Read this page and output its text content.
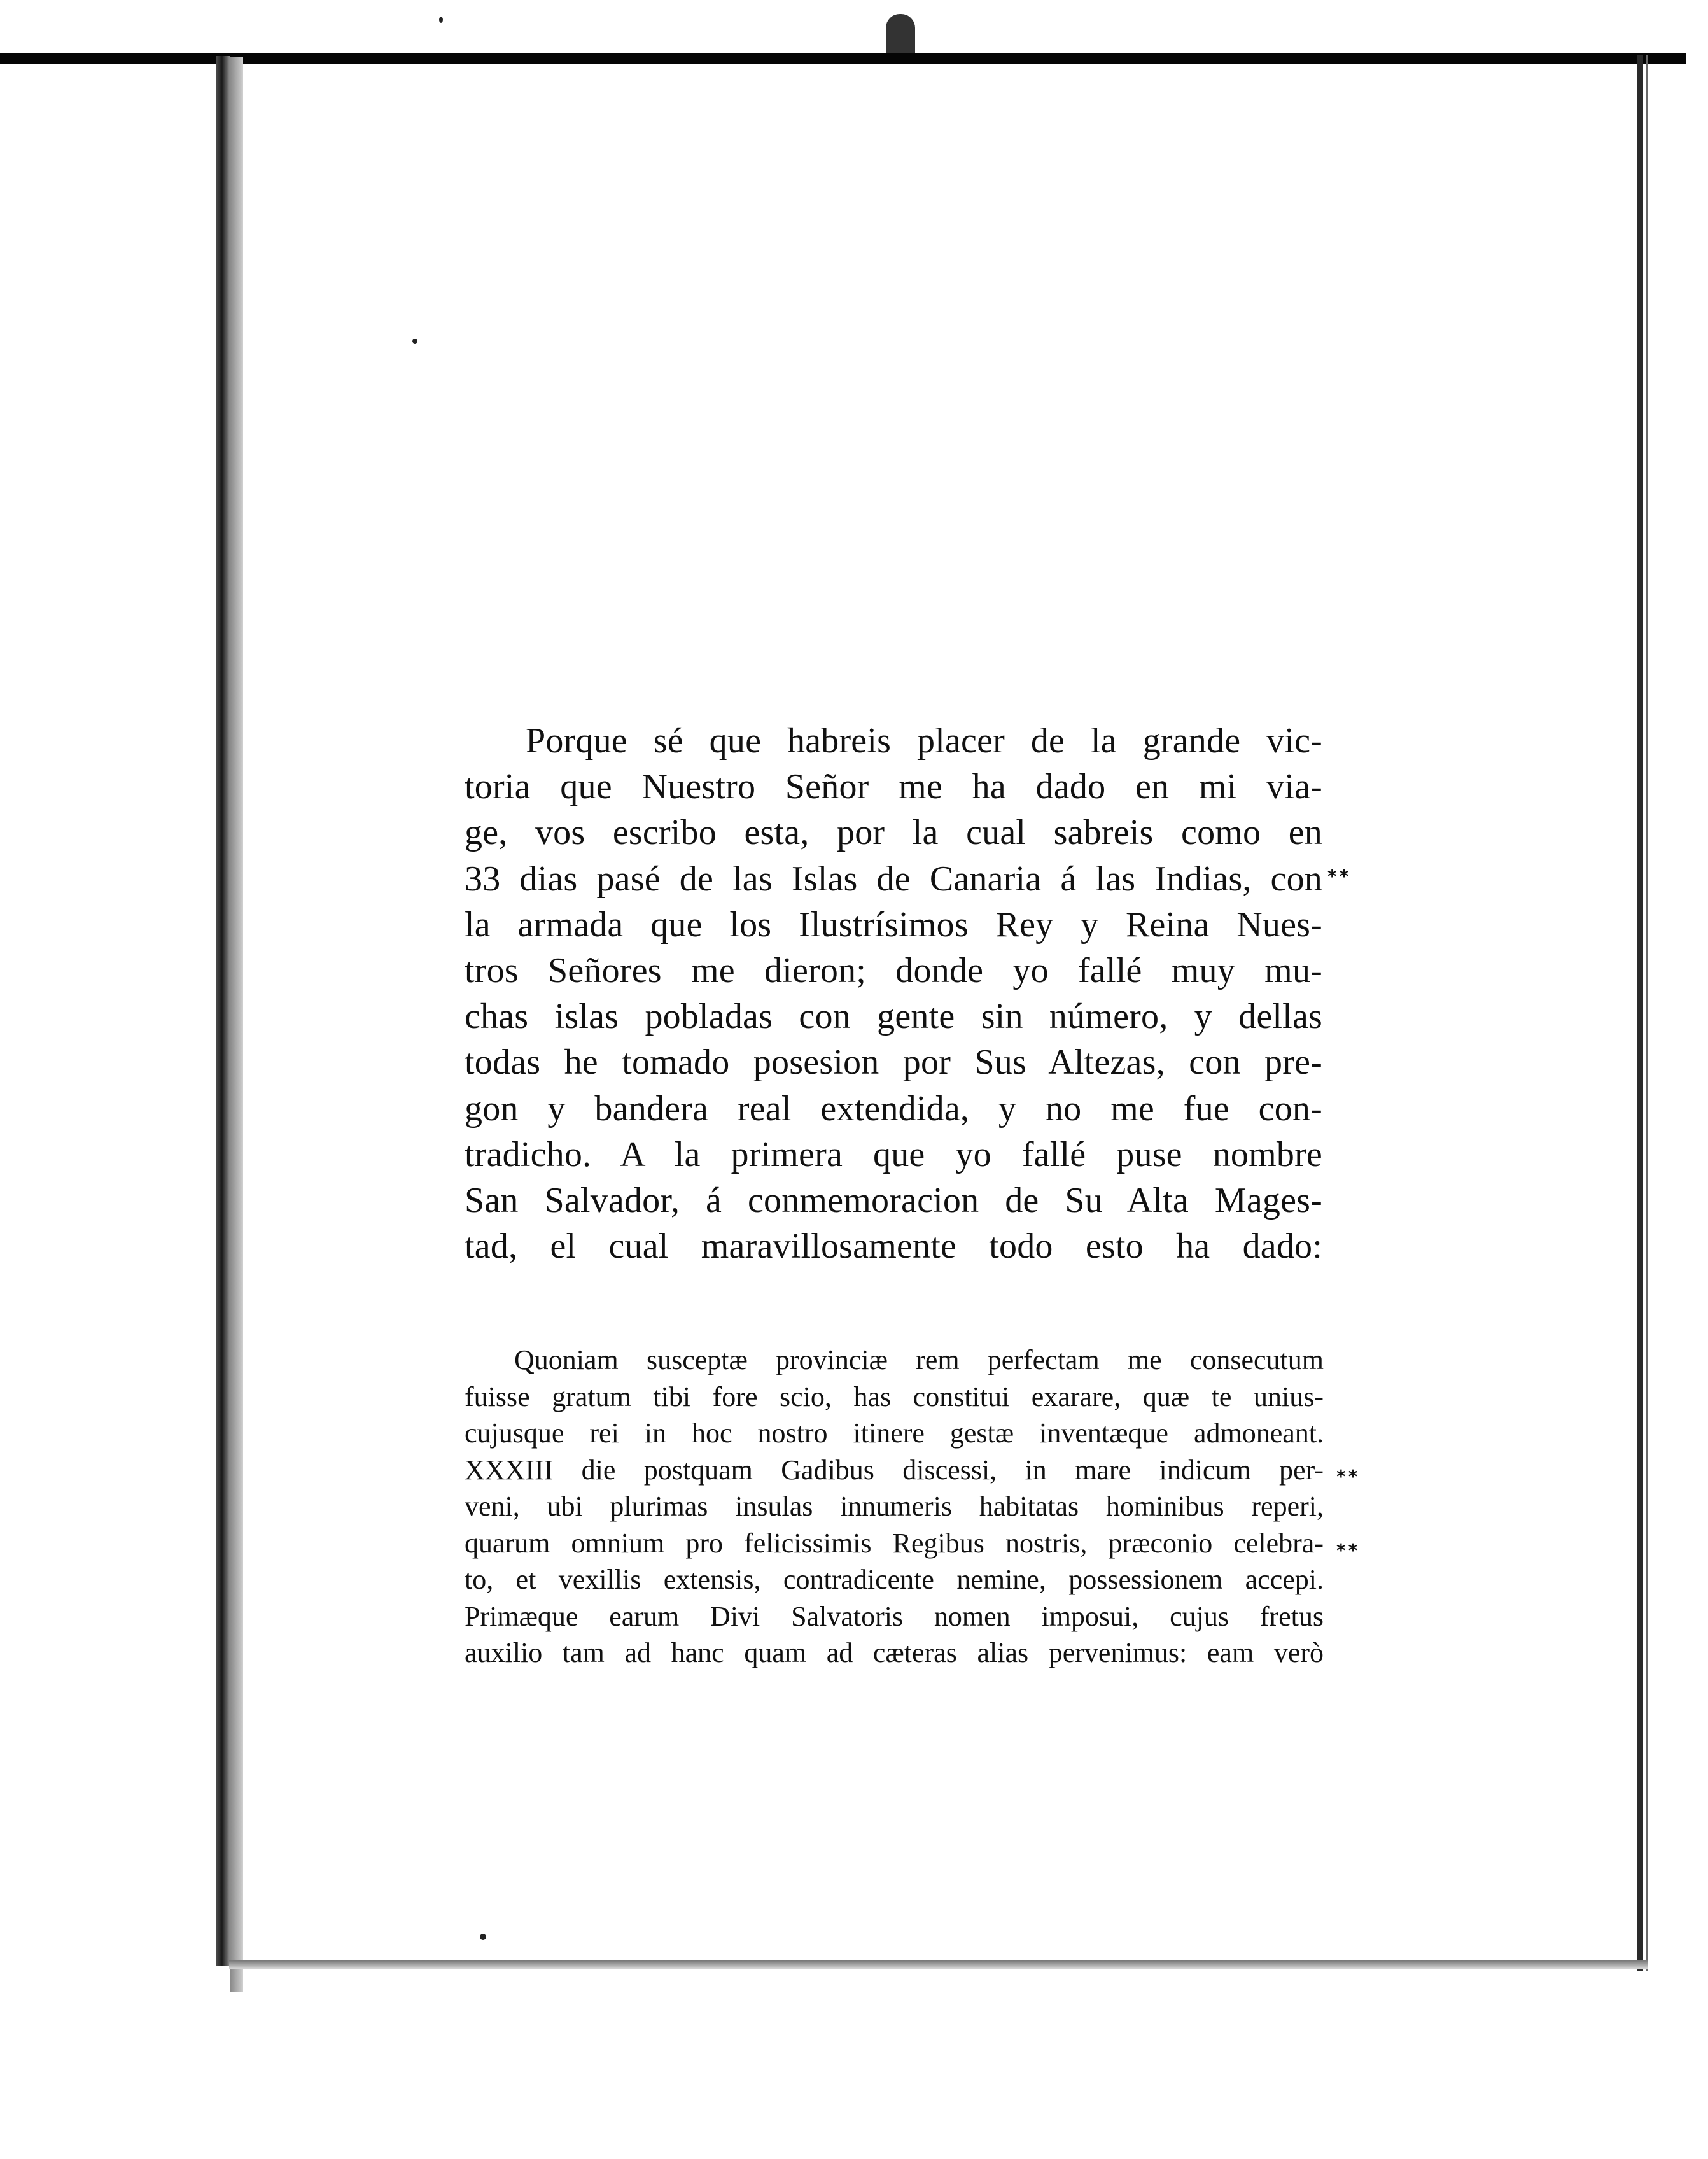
Porque sé que habreis placer de la grande vic-
toria que Nuestro Señor me ha dado en mi via-
ge, vos escribo esta, por la cual sabreis como en
33 dias pasé de las Islas de Canaria á las Indias, con
la armada que los Ilustrísimos Rey y Reina Nues-
tros Señores me dieron; donde yo fallé muy mu-
chas islas pobladas con gente sin número, y dellas
todas he tomado posesion por Sus Altezas, con pre-
gon y bandera real extendida, y no me fue con-
tradicho. A la primera que yo fallé puse nombre
San Salvador, á conmemoracion de Su Alta Mages-
tad, el cual maravillosamente todo esto ha dado:
Quoniam susceptæ provinciæ rem perfectam me consecutum
fuisse gratum tibi fore scio, has constitui exarare, quæ te unius-
cujusque rei in hoc nostro itinere gestæ inventæque admoneant.
XXXIII die postquam Gadibus discessi, in mare indicum per-
veni, ubi plurimas insulas innumeris habitatas hominibus reperi,
quarum omnium pro felicissimis Regibus nostris, præconio celebra-
to, et vexillis extensis, contradicente nemine, possessionem accepi.
Primæque earum Divi Salvatoris nomen imposui, cujus fretus
auxilio tam ad hanc quam ad cæteras alias pervenimus: eam verò
**
**
**
